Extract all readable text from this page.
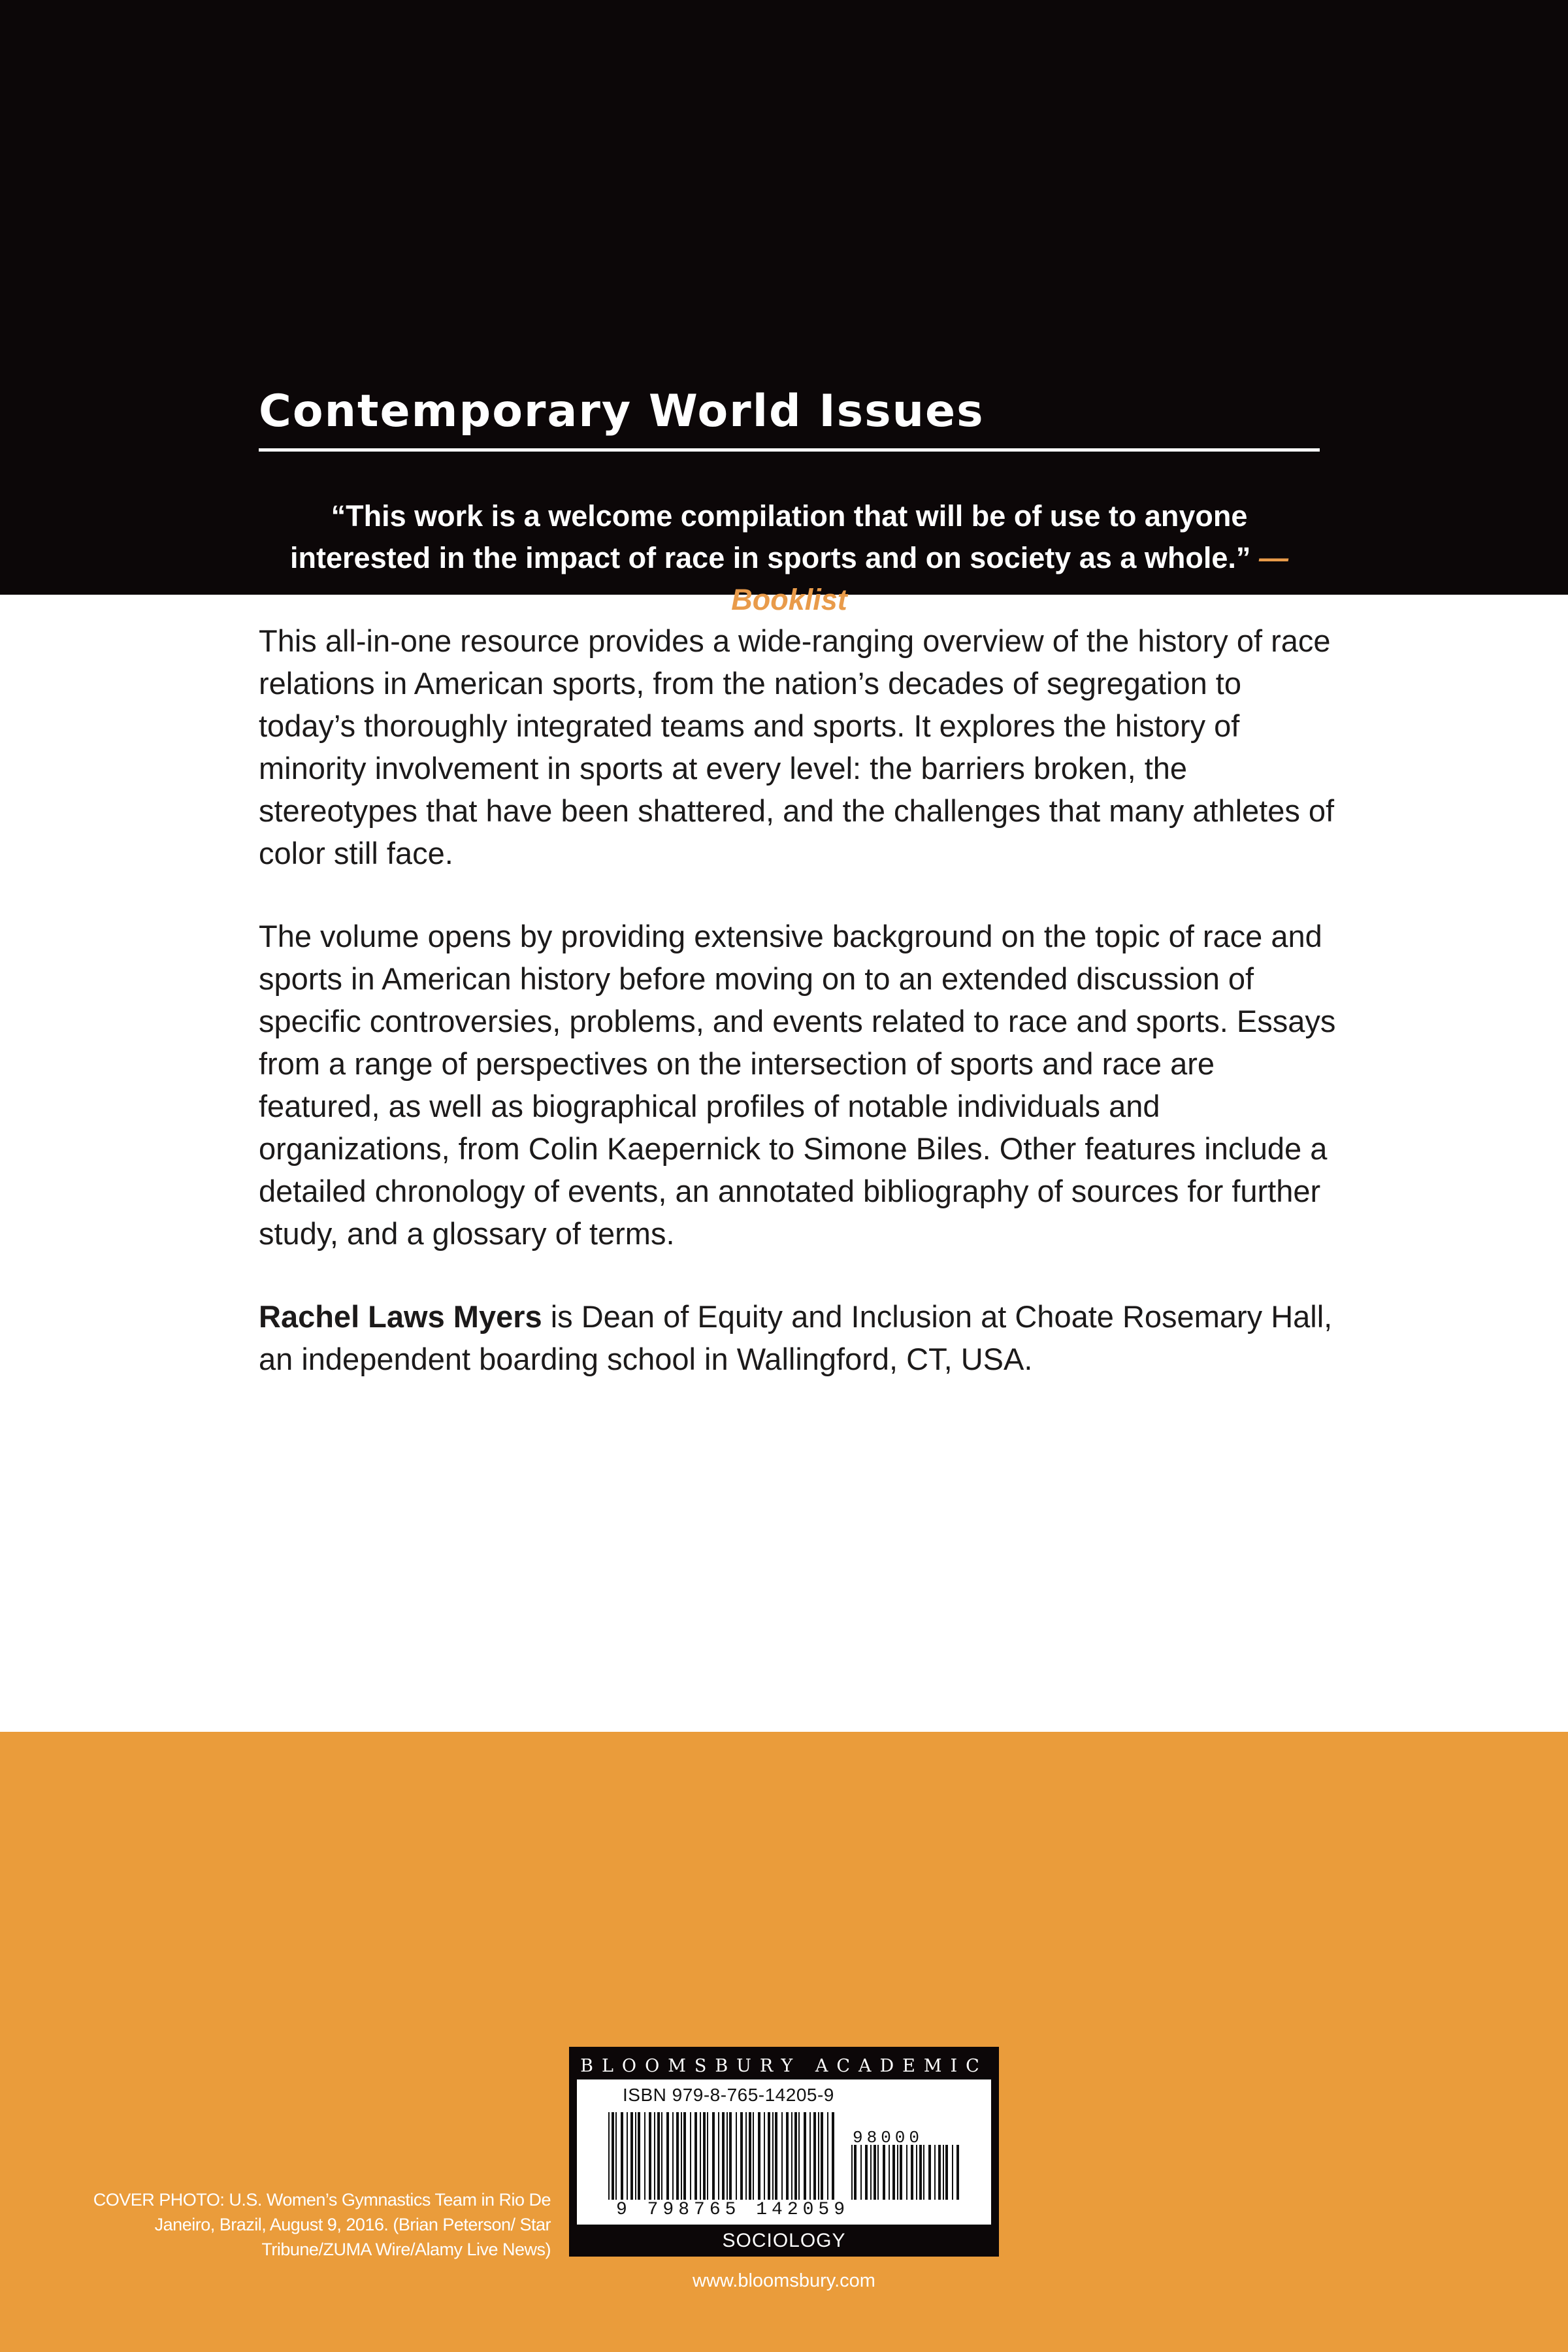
Contemporary World Issues

“This work is a welcome compilation that will be of use to anyone interested in the impact of race in sports and on society as a whole.” —Booklist

This all-in-one resource provides a wide-ranging overview of the history of race relations in American sports, from the nation’s decades of segregation to today’s thoroughly integrated teams and sports. It explores the history of minority involvement in sports at every level: the barriers broken, the stereotypes that have been shattered, and the challenges that many athletes of color still face.

The volume opens by providing extensive background on the topic of race and sports in American history before moving on to an extended discussion of specific controversies, problems, and events related to race and sports. Essays from a range of perspectives on the intersection of sports and race are featured, as well as biographical profiles of notable individuals and organizations, from Colin Kaepernick to Simone Biles. Other features include a detailed chronology of events, an annotated bibliography of sources for further study, and a glossary of terms.

Rachel Laws Myers is Dean of Equity and Inclusion at Choate Rosemary Hall, an independent boarding school in Wallingford, CT, USA.

COVER PHOTO: U.S. Women’s Gymnastics Team in Rio De Janeiro, Brazil, August 9, 2016. (Brian Peterson/ Star Tribune/ZUMA Wire/Alamy Live News)

BLOOMSBURY ACADEMIC
ISBN 979-8-765-14205-9
98000
9 798765 142059
SOCIOLOGY

www.bloomsbury.com
